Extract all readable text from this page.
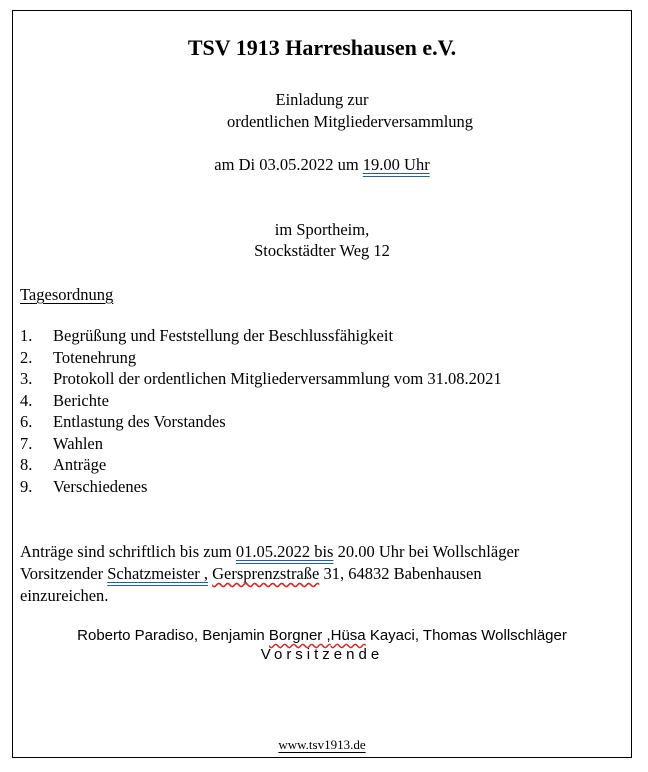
TSV 1913 Harreshausen e.V.
Einladung zur
ordentlichen Mitgliederversammlung
am Di 03.05.2022 um 19.00 Uhr
im Sportheim,
Stockstädter Weg 12
Tagesordnung
1. Begrüßung und Feststellung der Beschlussfähigkeit
2. Totenehrung
3. Protokoll der ordentlichen Mitgliederversammlung vom 31.08.2021
4. Berichte
6. Entlastung des Vorstandes
7. Wahlen
8. Anträge
9. Verschiedenes
Anträge sind schriftlich bis zum 01.05.2022 bis 20.00 Uhr bei Wollschläger
Vorsitzender Schatzmeister , Gersprenzstraße 31, 64832 Babenhausen
einzureichen.
Roberto Paradiso, Benjamin Borgner ,Hüsa Kayaci, Thomas Wollschläger
Vorsitzende
www.tsv1913.de
